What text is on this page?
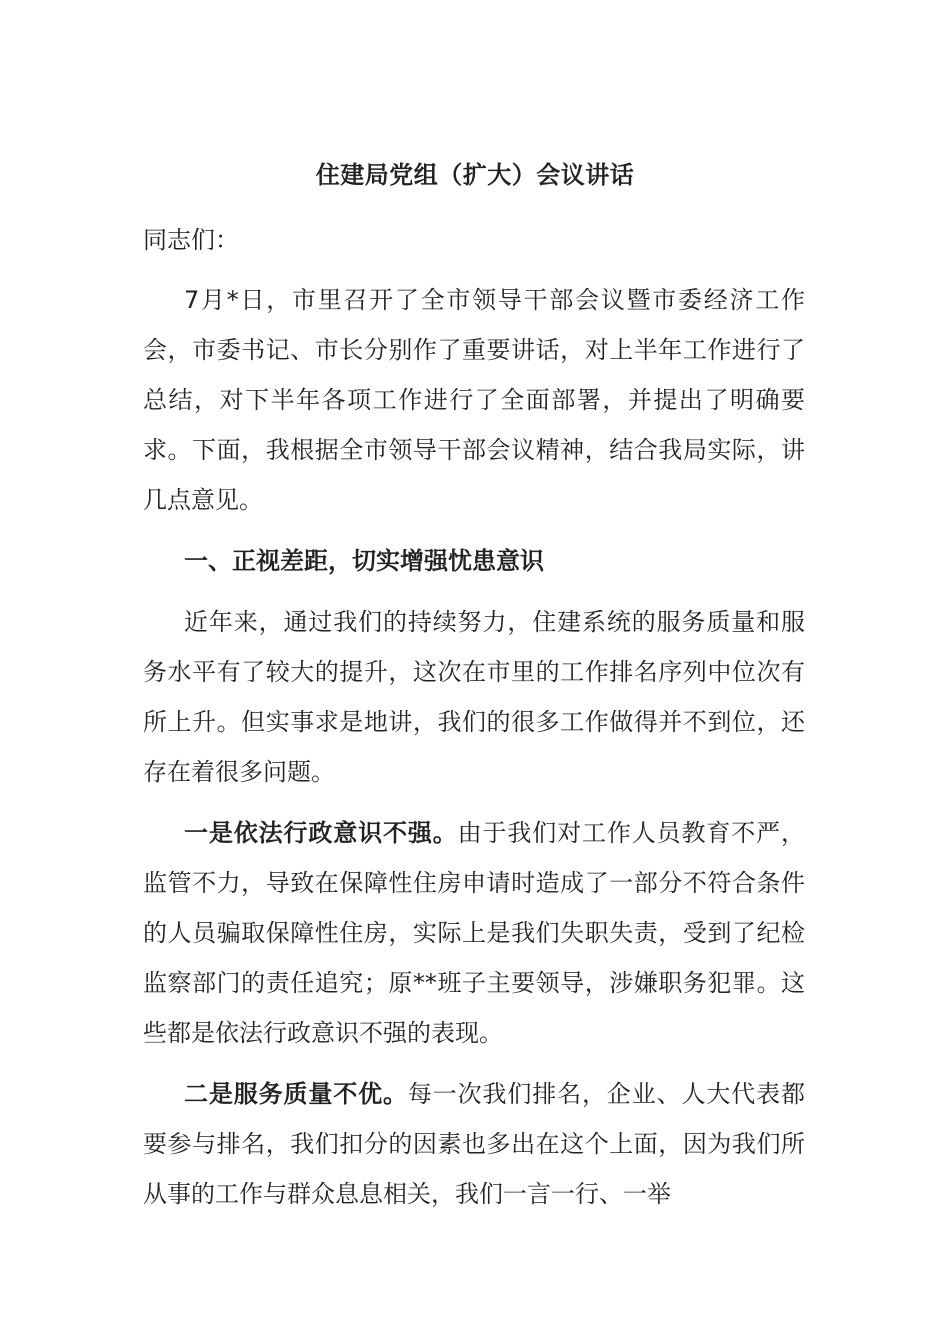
住建局党组（扩大）会议讲话

同志们：

7月*日，市里召开了全市领导干部会议暨市委经济工作会，市委书记、市长分别作了重要讲话，对上半年工作进行了总结，对下半年各项工作进行了全面部署，并提出了明确要求。下面，我根据全市领导干部会议精神，结合我局实际，讲几点意见。

一、正视差距，切实增强忧患意识

近年来，通过我们的持续努力，住建系统的服务质量和服务水平有了较大的提升，这次在市里的工作排名序列中位次有所上升。但实事求是地讲，我们的很多工作做得并不到位，还存在着很多问题。

一是依法行政意识不强。由于我们对工作人员教育不严，监管不力，导致在保障性住房申请时造成了一部分不符合条件的人员骗取保障性住房，实际上是我们失职失责，受到了纪检监察部门的责任追究；原**班子主要领导，涉嫌职务犯罪。这些都是依法行政意识不强的表现。

二是服务质量不优。每一次我们排名，企业、人大代表都要参与排名，我们扣分的因素也多出在这个上面，因为我们所从事的工作与群众息息相关，我们一言一行、一举
